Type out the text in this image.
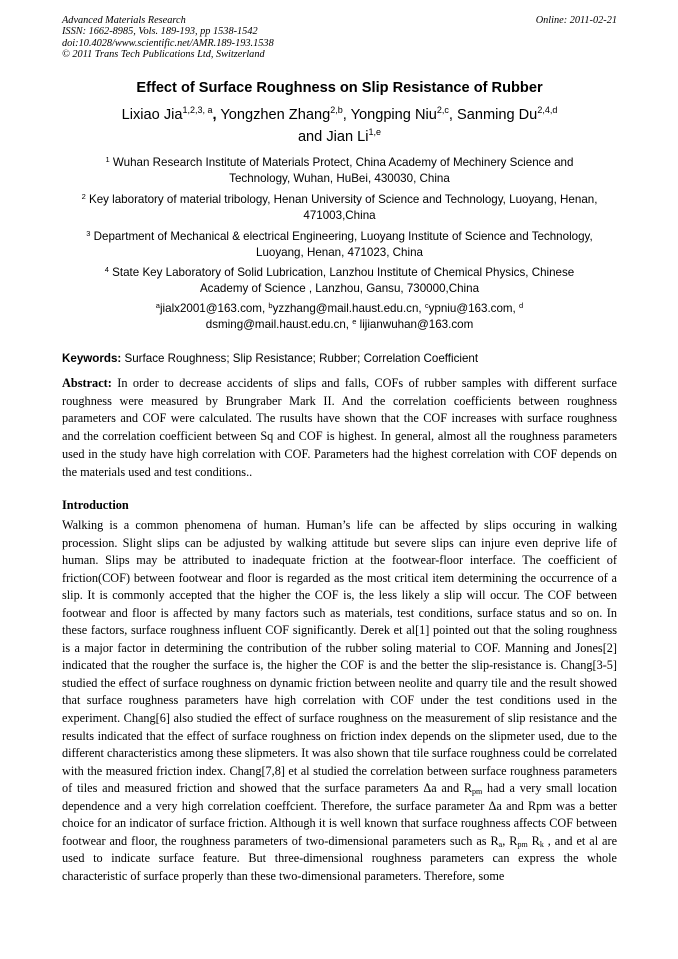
Advanced Materials Research
ISSN: 1662-8985, Vols. 189-193, pp 1538-1542
doi:10.4028/www.scientific.net/AMR.189-193.1538
© 2011 Trans Tech Publications Ltd, Switzerland
Online: 2011-02-21
Effect of Surface Roughness on Slip Resistance of Rubber
Lixiao Jia$^{1,2,3, a}$, Yongzhen Zhang$^{2,b}$, Yongping Niu$^{2,c}$, Sanming Du$^{2,4,d}$
and Jian Li$^{1,e}$
$^1$ Wuhan Research Institute of Materials Protect, China Academy of Mechinery Science and
Technology, Wuhan, HuBei, 430030, China
$^2$ Key laboratory of material tribology, Henan University of Science and Technology, Luoyang, Henan,
471003,China
$^3$ Department of Mechanical & electrical Engineering, Luoyang Institute of Science and Technology,
Luoyang, Henan, 471023, China
$^4$ State Key Laboratory of Solid Lubrication, Lanzhou Institute of Chemical Physics, Chinese
Academy of Science , Lanzhou, Gansu, 730000,China
$^a$jialx2001@163.com, $^b$yzzhang@mail.haust.edu.cn, $^c$ypniu@163.com, $^d$
dsming@mail.haust.edu.cn, $^e$ lijianwuhan@163.com
Keywords: Surface Roughness; Slip Resistance; Rubber; Correlation Coefficient
Abstract: In order to decrease accidents of slips and falls, COFs of rubber samples with different surface roughness were measured by Brungraber Mark II. And the correlation coefficients between roughness parameters and COF were calculated. The rusults have shown that the COF increases with surface roughness and the correlation coefficient between Sq and COF is highest. In general, almost all the roughness parameters used in the study have high correlation with COF. Parameters had the highest correlation with COF depends on the materials used and test conditions..
Introduction
Walking is a common phenomena of human. Human’s life can be affected by slips occuring in walking procession. Slight slips can be adjusted by walking attitude but severe slips can injure even deprive life of human. Slips may be attributed to inadequate friction at the footwear-floor interface. The coefficient of friction(COF) between footwear and floor is regarded as the most critical item determining the occurrence of a slip. It is commonly accepted that the higher the COF is, the less likely a slip will occur. The COF between footwear and floor is affected by many factors such as materials, test conditions, surface status and so on. In these factors, surface roughness influent COF significantly. Derek et al[1] pointed out that the soling roughness is a major factor in determining the contribution of the rubber soling material to COF. Manning and Jones[2] indicated that the rougher the surface is, the higher the COF is and the better the slip-resistance is. Chang[3-5] studied the effect of surface roughness on dynamic friction between neolite and quarry tile and the result showed that surface roughness parameters have high correlation with COF under the test conditions used in the experiment. Chang[6] also studied the effect of surface roughness on the measurement of slip resistance and the results indicated that the effect of surface roughness on friction index depends on the slipmeter used, due to the different characteristics among these slipmeters. It was also shown that tile surface roughness could be correlated with the measured friction index. Chang[7,8] et al studied the correlation between surface roughness parameters of tiles and measured friction and showed that the surface parameters Δa and $R_{pm}$ had a very small location dependence and a very high correlation coeffcient. Therefore, the surface parameter Δa and Rpm was a better choice for an indicator of surface friction. Although it is well known that surface roughness affects COF between footwear and floor, the roughness parameters of two-dimensional parameters such as $R_a$, $R_{pm}$ $R_k$ , and et al are used to indicate surface feature. But three-dimensional roughness parameters can express the whole characteristic of surface properly than these two-dimensional parameters. Therefore, some
